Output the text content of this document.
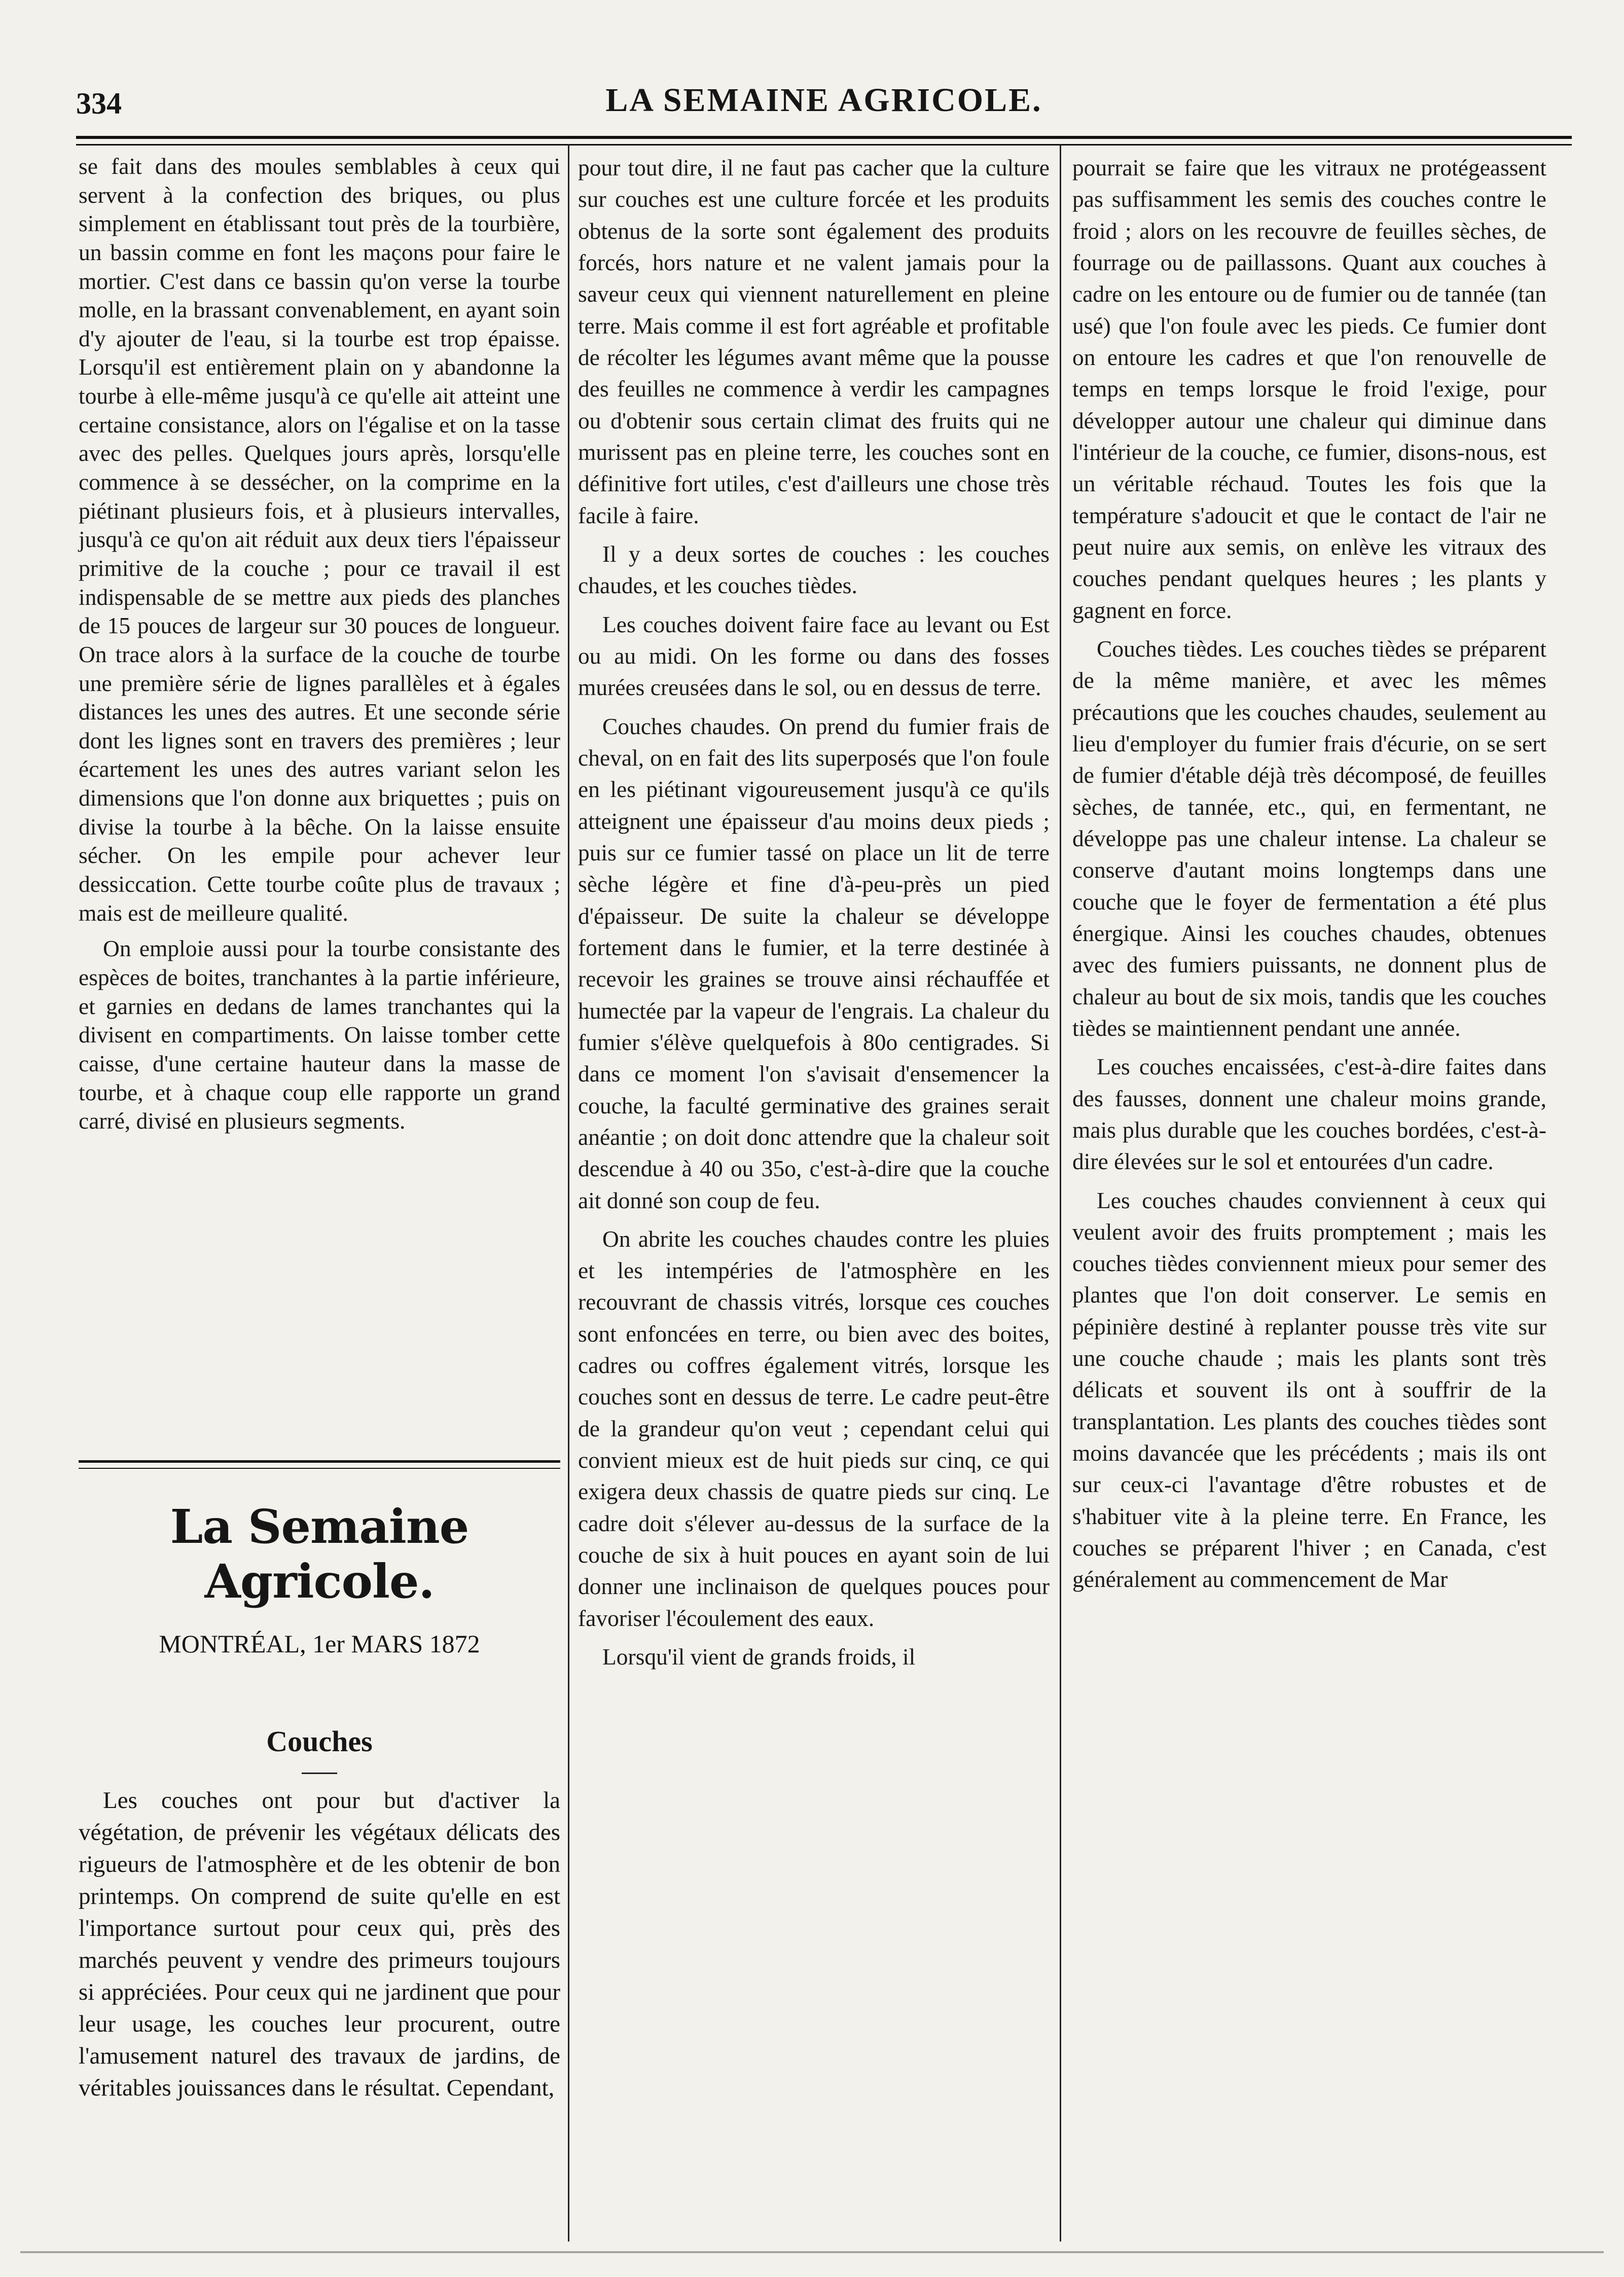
334	LA SEMAINE AGRICOLE.

se fait dans des moules semblables à ceux qui servent à la confection des briques, ou plus simplement en établissant tout près de la tourbière, un bassin comme en font les maçons pour faire le mortier. C'est dans ce bassin qu'on verse la tourbe molle, en la brassant convenablement, en ayant soin d'y ajouter de l'eau, si la tourbe est trop épaisse. Lorsqu'il est entièrement plain on y abandonne la tourbe à elle-même jusqu'à ce qu'elle ait atteint une certaine consistance, alors on l'égalise et on la tasse avec des pelles. Quelques jours après, lorsqu'elle commence à se dessécher, on la comprime en la piétinant plusieurs fois, et à plusieurs intervalles, jusqu'à ce qu'on ait réduit aux deux tiers l'épaisseur primitive de la couche ; pour ce travail il est indispensable de se mettre aux pieds des planches de 15 pouces de largeur sur 30 pouces de longueur. On trace alors à la surface de la couche de tourbe une première série de lignes parallèles et à égales distances les unes des autres. Et une seconde série dont les lignes sont en travers des premières ; leur écartement les unes des autres variant selon les dimensions que l'on donne aux briquettes ; puis on divise la tourbe à la bêche. On la laisse ensuite sécher. On les empile pour achever leur dessiccation. Cette tourbe coûte plus de travaux ; mais est de meilleure qualité.

On emploie aussi pour la tourbe consistante des espèces de boites, tranchantes à la partie inférieure, et garnies en dedans de lames tranchantes qui la divisent en compartiments. On laisse tomber cette caisse, d'une certaine hauteur dans la masse de tourbe, et à chaque coup elle rapporte un grand carré, divisé en plusieurs segments.

La Semaine Agricole.
MONTRÉAL, 1er MARS 1872
Couches

Les couches ont pour but d'activer la végétation, de prévenir les végétaux délicats des rigueurs de l'atmosphère et de les obtenir de bon printemps. On comprend de suite qu'elle en est l'importance surtout pour ceux qui, près des marchés peuvent y vendre des primeurs toujours si appréciées. Pour ceux qui ne jardinent que pour leur usage, les couches leur procurent, outre l'amusement naturel des travaux de jardins, de véritables jouissances dans le résultat. Cependant,

pour tout dire, il ne faut pas cacher que la culture sur couches est une culture forcée et les produits obtenus de la sorte sont également des produits forcés, hors nature et ne valent jamais pour la saveur ceux qui viennent naturellement en pleine terre. Mais comme il est fort agréable et profitable de récolter les légumes avant même que la pousse des feuilles ne commence à verdir les campagnes ou d'obtenir sous certain climat des fruits qui ne murissent pas en pleine terre, les couches sont en définitive fort utiles, c'est d'ailleurs une chose très facile à faire.

Il y a deux sortes de couches : les couches chaudes, et les couches tièdes.

Les couches doivent faire face au levant ou Est ou au midi. On les forme ou dans des fosses murées creusées dans le sol, ou en dessus de terre.

Couches chaudes. On prend du fumier frais de cheval, on en fait des lits superposés que l'on foule en les piétinant vigoureusement jusqu'à ce qu'ils atteignent une épaisseur d'au moins deux pieds ; puis sur ce fumier tassé on place un lit de terre sèche légère et fine d'à-peu-près un pied d'épaisseur. De suite la chaleur se développe fortement dans le fumier, et la terre destinée à recevoir les graines se trouve ainsi réchauffée et humectée par la vapeur de l'engrais. La chaleur du fumier s'élève quelquefois à 80o centigrades. Si dans ce moment l'on s'avisait d'ensemencer la couche, la faculté germinative des graines serait anéantie ; on doit donc attendre que la chaleur soit descendue à 40 ou 35o, c'est-à-dire que la couche ait donné son coup de feu.

On abrite les couches chaudes contre les pluies et les intempéries de l'atmosphère en les recouvrant de chassis vitrés, lorsque ces couches sont enfoncées en terre, ou bien avec des boites, cadres ou coffres également vitrés, lorsque les couches sont en dessus de terre. Le cadre peut-être de la grandeur qu'on veut ; cependant celui qui convient mieux est de huit pieds sur cinq, ce qui exigera deux chassis de quatre pieds sur cinq. Le cadre doit s'élever au-dessus de la surface de la couche de six à huit pouces en ayant soin de lui donner une inclinaison de quelques pouces pour favoriser l'écoulement des eaux.

Lorsqu'il vient de grands froids, il

pourrait se faire que les vitraux ne protégeassent pas suffisamment les semis des couches contre le froid ; alors on les recouvre de feuilles sèches, de fourrage ou de paillassons. Quant aux couches à cadre on les entoure ou de fumier ou de tannée (tan usé) que l'on foule avec les pieds. Ce fumier dont on entoure les cadres et que l'on renouvelle de temps en temps lorsque le froid l'exige, pour développer autour une chaleur qui diminue dans l'intérieur de la couche, ce fumier, disons-nous, est un véritable réchaud. Toutes les fois que la température s'adoucit et que le contact de l'air ne peut nuire aux semis, on enlève les vitraux des couches pendant quelques heures ; les plants y gagnent en force.

Couches tièdes. Les couches tièdes se préparent de la même manière, et avec les mêmes précautions que les couches chaudes, seulement au lieu d'employer du fumier frais d'écurie, on se sert de fumier d'étable déjà très décomposé, de feuilles sèches, de tannée, etc., qui, en fermentant, ne développe pas une chaleur intense. La chaleur se conserve d'autant moins longtemps dans une couche que le foyer de fermentation a été plus énergique. Ainsi les couches chaudes, obtenues avec des fumiers puissants, ne donnent plus de chaleur au bout de six mois, tandis que les couches tièdes se maintiennent pendant une année.

Les couches encaissées, c'est-à-dire faites dans des fausses, donnent une chaleur moins grande, mais plus durable que les couches bordées, c'est-à-dire élevées sur le sol et entourées d'un cadre.

Les couches chaudes conviennent à ceux qui veulent avoir des fruits promptement ; mais les couches tièdes conviennent mieux pour semer des plantes que l'on doit conserver. Le semis en pépinière destiné à replanter pousse très vite sur une couche chaude ; mais les plants sont très délicats et souvent ils ont à souffrir de la transplantation. Les plants des couches tièdes sont moins davancée que les précédents ; mais ils ont sur ceux-ci l'avantage d'être robustes et de s'habituer vite à la pleine terre. En France, les couches se préparent l'hiver ; en Canada, c'est généralement au commencement de Mar
